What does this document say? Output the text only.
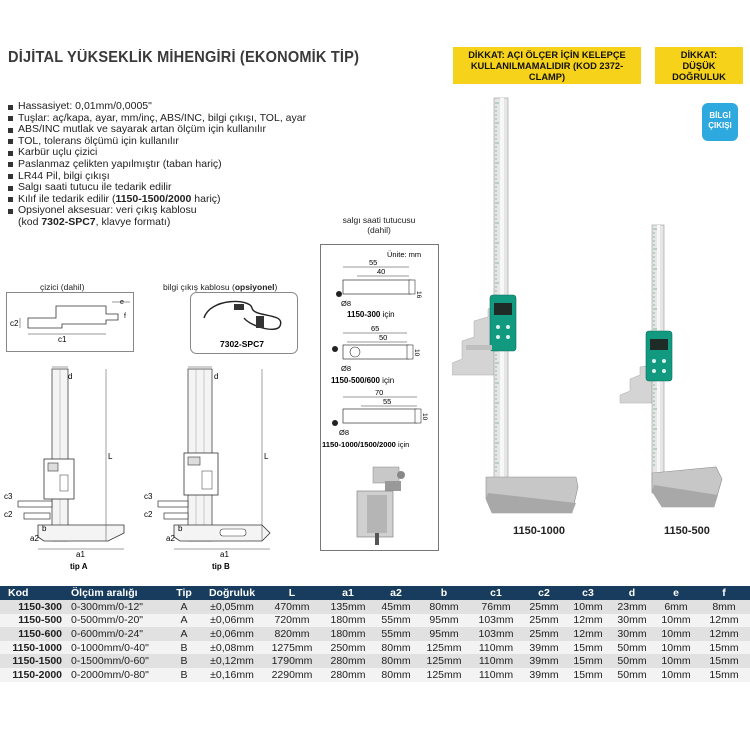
DİJİTAL YÜKSEKLİK MİHENGİRİ (EKONOMİK TİP)	DİKKAT: AÇI ÖLÇER İÇİN KELEPÇE
KULLANILMAMALIDIR (KOD 2372-CLAMP)
DİKKAT:
DÜŞÜK DOĞRULUK
BİLGİ
ÇIKIŞI
Hassasiyet: 0,01mm/0,0005"
Tuşlar: aç/kapa, ayar, mm/inç, ABS/INC, bilgi çıkışı, TOL, ayar
ABS/INC mutlak ve sayarak artan ölçüm için kullanılır
TOL, tolerans ölçümü için kullanılır
Karbür uçlu çizici
Paslanmaz çelikten yapılmıştır (taban hariç)
LR44 Pil, bilgi çıkışı
Salgı saati tutucu ile tedarik edilir
Kılıf ile tedarik edilir (1150-1500/2000 hariç)
Opsiyonel aksesuar: veri çıkış kablosu
(kod 7302-SPC7, klavye formatı)
çizici (dahil)
c1
c2
e
f
bilgi çıkış kablosu (opsiyonel)
7302-SPC7
L
d
c3
c2
b
a2
a1
tip A
L
d
c3
c2
b
a2
a1
tip B
salgı saati tutucusu
(dahil)
Ünite: mm
55
40
16
Ø8
1150-300 için
65
50
10
Ø8
1150-500/600 için
70
55
10
Ø8
1150-1000/1500/2000 için
1150-1000	1150-500
Kod	Ölçüm aralığı	Tip	Doğruluk	L	a1	a2	b	c1	c2	c3	d	e	f
1150-300	0-300mm/0-12"	A	±0,05mm	470mm	135mm	45mm	80mm	76mm	25mm	10mm	23mm	6mm	8mm
1150-500	0-500mm/0-20"	A	±0,06mm	720mm	180mm	55mm	95mm	103mm	25mm	12mm	30mm	10mm	12mm
1150-600	0-600mm/0-24"	A	±0,06mm	820mm	180mm	55mm	95mm	103mm	25mm	12mm	30mm	10mm	12mm
1150-1000	0-1000mm/0-40"	B	±0,08mm	1275mm	250mm	80mm	125mm	110mm	39mm	15mm	50mm	10mm	15mm
1150-1500	0-1500mm/0-60"	B	±0,12mm	1790mm	280mm	80mm	125mm	110mm	39mm	15mm	50mm	10mm	15mm
1150-2000	0-2000mm/0-80"	B	±0,16mm	2290mm	280mm	80mm	125mm	110mm	39mm	15mm	50mm	10mm	15mm
